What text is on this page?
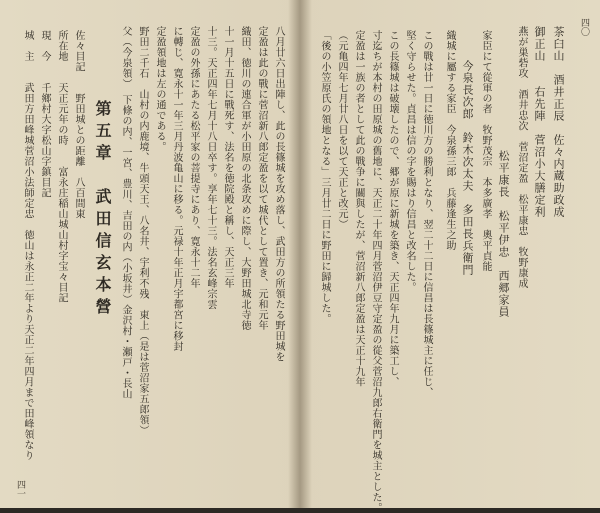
四〇
四一
茶臼山　酒井正辰　佐々内蔵助政成
御正山　　右先陣　菅沼小大膳定利
燕が巣砦攻　酒井忠次　菅沼定盈　松平康忠　牧野康成
松平康長　松平伊忠　西郷家員
家臣にて從軍の者　牧野茂宗　本多廣孝　奧平貞能
今泉長次郎　鈴木次太夫　多田長兵衛門
織城に屬する家臣　今泉孫三郎　兵藤逢生之助
この戰は廿一日に徳川方の勝利となり、翌二十二日に信昌は長篠城主に任じ、
堅く守らせた。貞昌は信の字を賜はり信昌と改名した。
この長篠城は破壊したので、郷が原に新城を築き、天正四年九月に築工し、
寸迄ちが本村の田原城の舊地に、天正二十年四月菅沼伊豆守定盈の從父菅沼九郎右衛門を城主とした。
定盈は一族の者として此の戰争に關與したが、菅沼新八郎定盈は天正十九年
（元亀四年七月廿八日を以て天正と改元）
「後の小笠原氏の領地となる」三月廿二日に野田に歸城した。
八月廿六日出陣し、此の長篠城を攻め落し、武田方の所領たる野田城を
定盈は此の戰に菅沼新八郎定盈を以て城代として置き、元和元年
織田、徳川の連合軍が小田原の北条攻めに際し、大野田城北寺徳
十一月十五日に戰死す、法名を徳院殿と稱し、天正三年
十三。天正四年七月十八日卒す。享年七十三。法名玄峰宗雲
定盈の外孫にあたる松平家の菩提寺にあり、寛永十二年
に轉じ、寛永十一年三月丹波亀山に移る。元禄十年正月宇都宮に移封
定盈領地は左の通である。
野田二千石　山村の内鹿境、牛頭天王、八名井、宇利不残　東上（是は菅沼家五郎領）
父（今泉領）　下條の内、一宮、豊川、吉田の内（小坂井）金沢村・瀬戸・長山
第五章　武田信玄本營
佐々目記　　野田城との距離　八百間東
所在地　　天正元年の時　　富永庄稲山城山村字宝々目記
現　今　　千鄉村大字松山字鎮目記
城　主　　武田方田峰城菅沼小法師定忠　徳山は永正二年より天正二年四月まで田峰領なり
